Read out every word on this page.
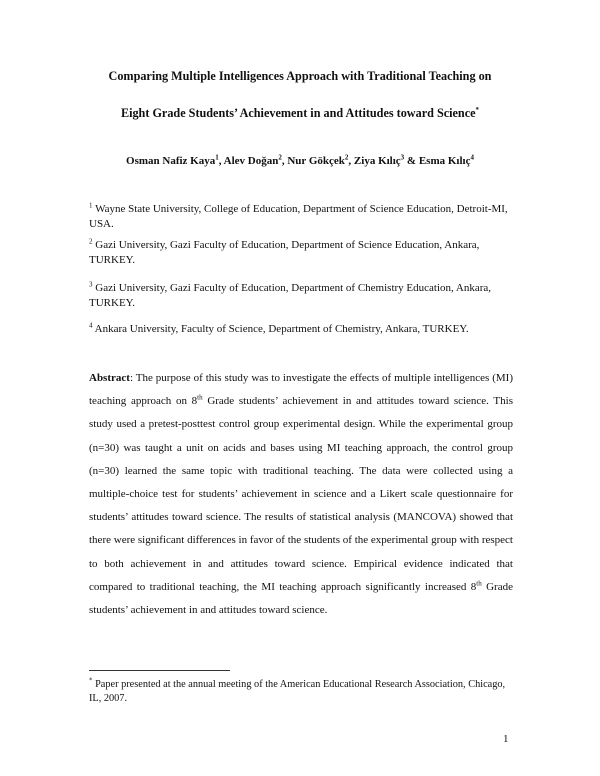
Comparing Multiple Intelligences Approach with Traditional Teaching on
Eight Grade Students’ Achievement in and Attitudes toward Science*
Osman Nafiz Kaya$^1$, Alev Doğan$^2$, Nur Gökçek$^2$, Ziya Kılıç$^3$ & Esma Kılıç$^4$
$^1$ Wayne State University, College of Education, Department of Science Education, Detroit-MI, USA.
$^2$ Gazi University, Gazi Faculty of Education, Department of Science Education, Ankara, TURKEY.
$^3$ Gazi University, Gazi Faculty of Education, Department of Chemistry Education, Ankara, TURKEY.
$^4$ Ankara University, Faculty of Science, Department of Chemistry, Ankara, TURKEY.
Abstract: The purpose of this study was to investigate the effects of multiple intelligences (MI) teaching approach on 8th Grade students’ achievement in and attitudes toward science. This study used a pretest-posttest control group experimental design. While the experimental group (n=30) was taught a unit on acids and bases using MI teaching approach, the control group (n=30) learned the same topic with traditional teaching. The data were collected using a multiple-choice test for students’ achievement in science and a Likert scale questionnaire for students’ attitudes toward science. The results of statistical analysis (MANCOVA) showed that there were significant differences in favor of the students of the experimental group with respect to both achievement in and attitudes toward science. Empirical evidence indicated that compared to traditional teaching, the MI teaching approach significantly increased 8th Grade students’ achievement in and attitudes toward science.
* Paper presented at the annual meeting of the American Educational Research Association, Chicago, IL, 2007.
1
